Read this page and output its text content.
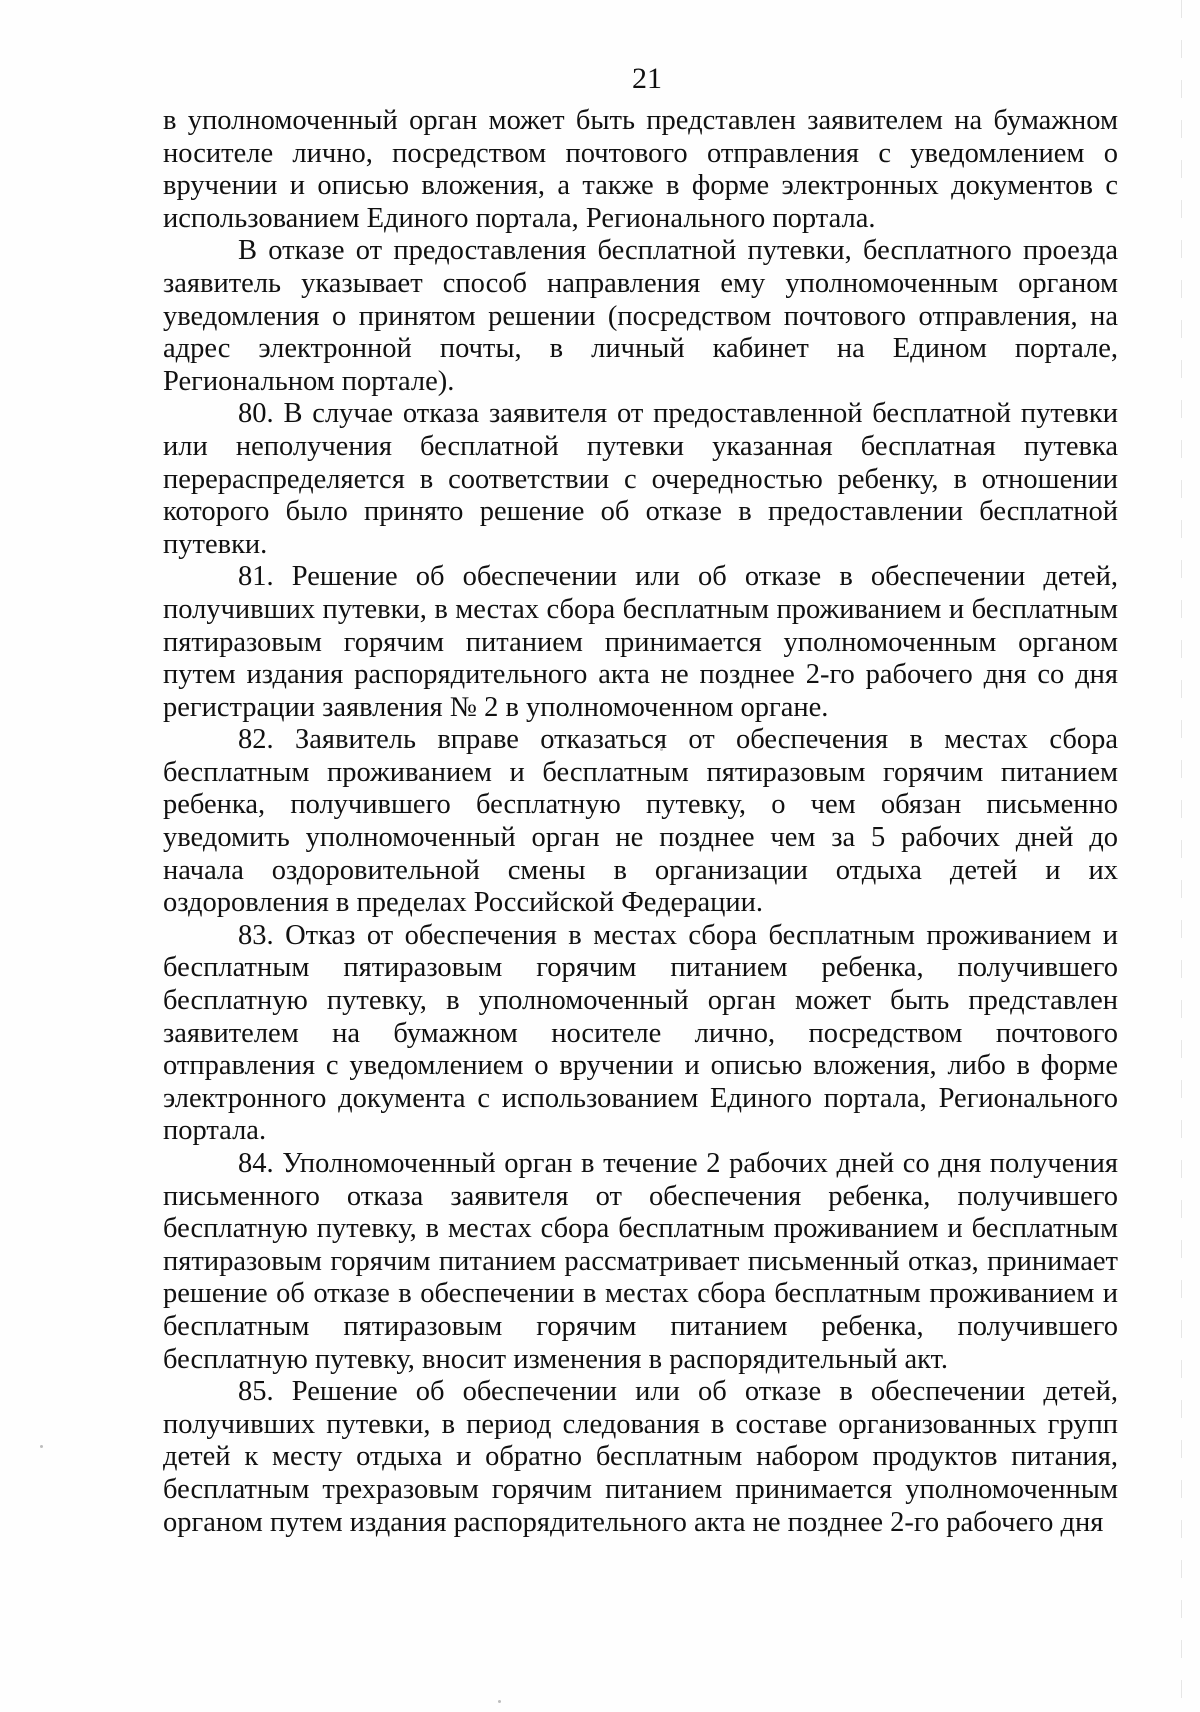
21

в уполномоченный орган может быть представлен заявителем на бумажном носителе лично, посредством почтового отправления с уведомлением о вручении и описью вложения, а также в форме электронных документов с использованием Единого портала, Регионального портала.

В отказе от предоставления бесплатной путевки, бесплатного проезда заявитель указывает способ направления ему уполномоченным органом уведомления о принятом решении (посредством почтового отправления, на адрес электронной почты, в личный кабинет на Едином портале, Региональном портале).

80. В случае отказа заявителя от предоставленной бесплатной путевки или неполучения бесплатной путевки указанная бесплатная путевка перераспределяется в соответствии с очередностью ребенку, в отношении которого было принято решение об отказе в предоставлении бесплатной путевки.

81. Решение об обеспечении или об отказе в обеспечении детей, получивших путевки, в местах сбора бесплатным проживанием и бесплатным пятиразовым горячим питанием принимается уполномоченным органом путем издания распорядительного акта не позднее 2-го рабочего дня со дня регистрации заявления № 2 в уполномоченном органе.

82. Заявитель вправе отказаться от обеспечения в местах сбора бесплатным проживанием и бесплатным пятиразовым горячим питанием ребенка, получившего бесплатную путевку, о чем обязан письменно уведомить уполномоченный орган не позднее чем за 5 рабочих дней до начала оздоровительной смены в организации отдыха детей и их оздоровления в пределах Российской Федерации.

83. Отказ от обеспечения в местах сбора бесплатным проживанием и бесплатным пятиразовым горячим питанием ребенка, получившего бесплатную путевку, в уполномоченный орган может быть представлен заявителем на бумажном носителе лично, посредством почтового отправления с уведомлением о вручении и описью вложения, либо в форме электронного документа с использованием Единого портала, Регионального портала.

84. Уполномоченный орган в течение 2 рабочих дней со дня получения письменного отказа заявителя от обеспечения ребенка, получившего бесплатную путевку, в местах сбора бесплатным проживанием и бесплатным пятиразовым горячим питанием рассматривает письменный отказ, принимает решение об отказе в обеспечении в местах сбора бесплатным проживанием и бесплатным пятиразовым горячим питанием ребенка, получившего бесплатную путевку, вносит изменения в распорядительный акт.

85. Решение об обеспечении или об отказе в обеспечении детей, получивших путевки, в период следования в составе организованных групп детей к месту отдыха и обратно бесплатным набором продуктов питания, бесплатным трехразовым горячим питанием принимается уполномоченным органом путем издания распорядительного акта не позднее 2-го рабочего дня
